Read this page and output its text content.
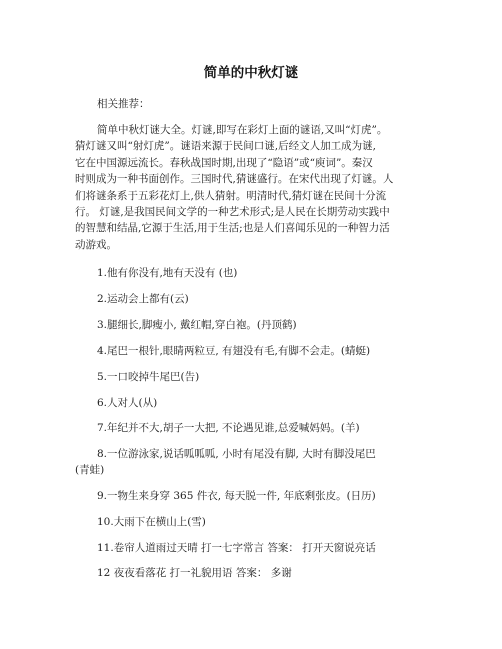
简单的中秋灯谜
相关推荐：

简单中秋灯谜大全。灯谜,即写在彩灯上面的谜语,又叫“灯虎”。

猜灯谜又叫“射灯虎”。谜语来源于民间口谜,后经文人加工成为谜,

它在中国源远流长。春秋战国时期,出现了“隐语”或“庾词”。秦汉

时则成为一种书面创作。三国时代,猜谜盛行。在宋代出现了灯谜。人

们将谜条系于五彩花灯上,供人猜射。明清时代,猜灯谜在民间十分流

行。 灯谜,是我国民间文学的一种艺术形式;是人民在长期劳动实践中

的智慧和结晶,它源于生活,用于生活;也是人们喜闻乐见的一种智力活

动游戏。

1.他有你没有,地有天没有 (也)
2.运动会上都有(云)
3.腿细长,脚瘦小, 戴红帽,穿白袍。(丹顶鹤)
4.尾巴一根针,眼睛两粒豆, 有翅没有毛,有脚不会走。(蜻蜓)
5.一口咬掉牛尾巴(告)
6.人对人(从)
7.年纪并不大,胡子一大把, 不论遇见谁,总爱喊妈妈。(羊)
8.一位游泳家,说话呱呱呱, 小时有尾没有脚, 大时有脚没尾巴
(青蛙)
9.一物生来身穿 365 件衣, 每天脱一件, 年底剩张皮。(日历)
10.大雨下在横山上(雪)
11.卷帘人道雨过天晴 打一七字常言 答案： 打开天窗说亮话
12 夜夜看落花 打一礼貌用语 答案： 多谢
